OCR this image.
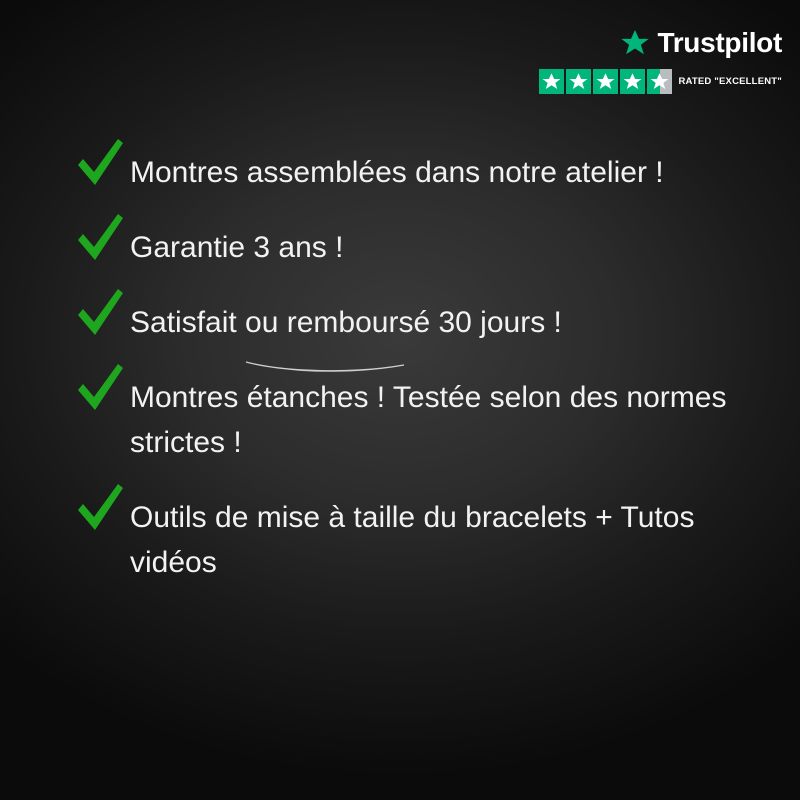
Trustpilot
RATED "EXCELLENT"
Montres assemblées dans notre atelier !
Garantie 3 ans !
Satisfait ou remboursé 30 jours !
Montres étanches ! Testée selon des normes strictes !
Outils de mise à taille du bracelets + Tutos vidéos
